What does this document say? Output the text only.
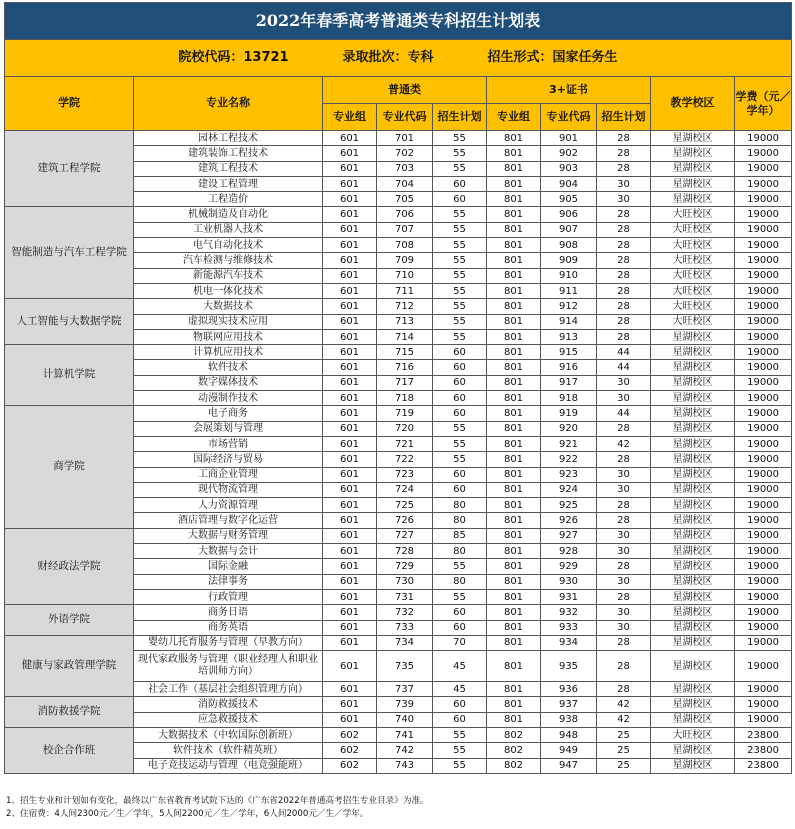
2022年春季高考普通类专科招生计划表									
院校代码：13721 录取批次：专科 招生形式：国家任务生									
学院	专业名称	普通类			3+证书			教学校区	学费（元／学年）
		专业组	专业代码	招生计划	专业组	专业代码	招生计划		
建筑工程学院	园林工程技术	601	701	55	801	901	28	星湖校区	19000
	建筑装饰工程技术	601	702	55	801	902	28	星湖校区	19000
	建筑工程技术	601	703	55	801	903	28	星湖校区	19000
	建设工程管理	601	704	60	801	904	30	星湖校区	19000
	工程造价	601	705	60	801	905	30	星湖校区	19000
智能制造与汽车工程学院	机械制造及自动化	601	706	55	801	906	28	大旺校区	19000
	工业机器人技术	601	707	55	801	907	28	大旺校区	19000
	电气自动化技术	601	708	55	801	908	28	大旺校区	19000
	汽车检测与维修技术	601	709	55	801	909	28	大旺校区	19000
	新能源汽车技术	601	710	55	801	910	28	大旺校区	19000
	机电一体化技术	601	711	55	801	911	28	大旺校区	19000
人工智能与大数据学院	大数据技术	601	712	55	801	912	28	大旺校区	19000
	虚拟现实技术应用	601	713	55	801	914	28	大旺校区	19000
	物联网应用技术	601	714	55	801	913	28	星湖校区	19000
计算机学院	计算机应用技术	601	715	60	801	915	44	星湖校区	19000
	软件技术	601	716	60	801	916	44	星湖校区	19000
	数字媒体技术	601	717	60	801	917	30	星湖校区	19000
	动漫制作技术	601	718	60	801	918	30	星湖校区	19000
商学院	电子商务	601	719	60	801	919	44	星湖校区	19000
	会展策划与管理	601	720	55	801	920	28	星湖校区	19000
	市场营销	601	721	55	801	921	42	星湖校区	19000
	国际经济与贸易	601	722	55	801	922	28	星湖校区	19000
	工商企业管理	601	723	60	801	923	30	星湖校区	19000
	现代物流管理	601	724	60	801	924	30	星湖校区	19000
	人力资源管理	601	725	80	801	925	28	星湖校区	19000
	酒店管理与数字化运营	601	726	80	801	926	28	星湖校区	19000
财经政法学院	大数据与财务管理	601	727	85	801	927	30	星湖校区	19000
	大数据与会计	601	728	80	801	928	30	星湖校区	19000
	国际金融	601	729	55	801	929	28	星湖校区	19000
	法律事务	601	730	80	801	930	30	星湖校区	19000
	行政管理	601	731	55	801	931	28	星湖校区	19000
外语学院	商务日语	601	732	60	801	932	30	星湖校区	19000
	商务英语	601	733	60	801	933	30	星湖校区	19000
健康与家政管理学院	婴幼儿托育服务与管理（早教方向）	601	734	70	801	934	28	星湖校区	19000
	现代家政服务与管理（职业经理人和职业培训师方向）	601	735	45	801	935	28	星湖校区	19000
	社会工作（基层社会组织管理方向）	601	737	45	801	936	28	星湖校区	19000
消防救援学院	消防救援技术	601	739	60	801	937	42	星湖校区	19000
	应急救援技术	601	740	60	801	938	42	星湖校区	19000
校企合作班	大数据技术（中软国际创新班）	602	741	55	802	948	25	大旺校区	23800
	软件技术（软件精英班）	602	742	55	802	949	25	星湖校区	23800
	电子竞技运动与管理（电竞强能班）	602	743	55	802	947	25	星湖校区	23800
1、招生专业和计划如有变化，最终以广东省教育考试院下达的《广东省2022年普通高考招生专业目录》为准。
2、住宿费：4人间2300元／生／学年，5人间2200元／生／学年，6人间2000元／生／学年。
